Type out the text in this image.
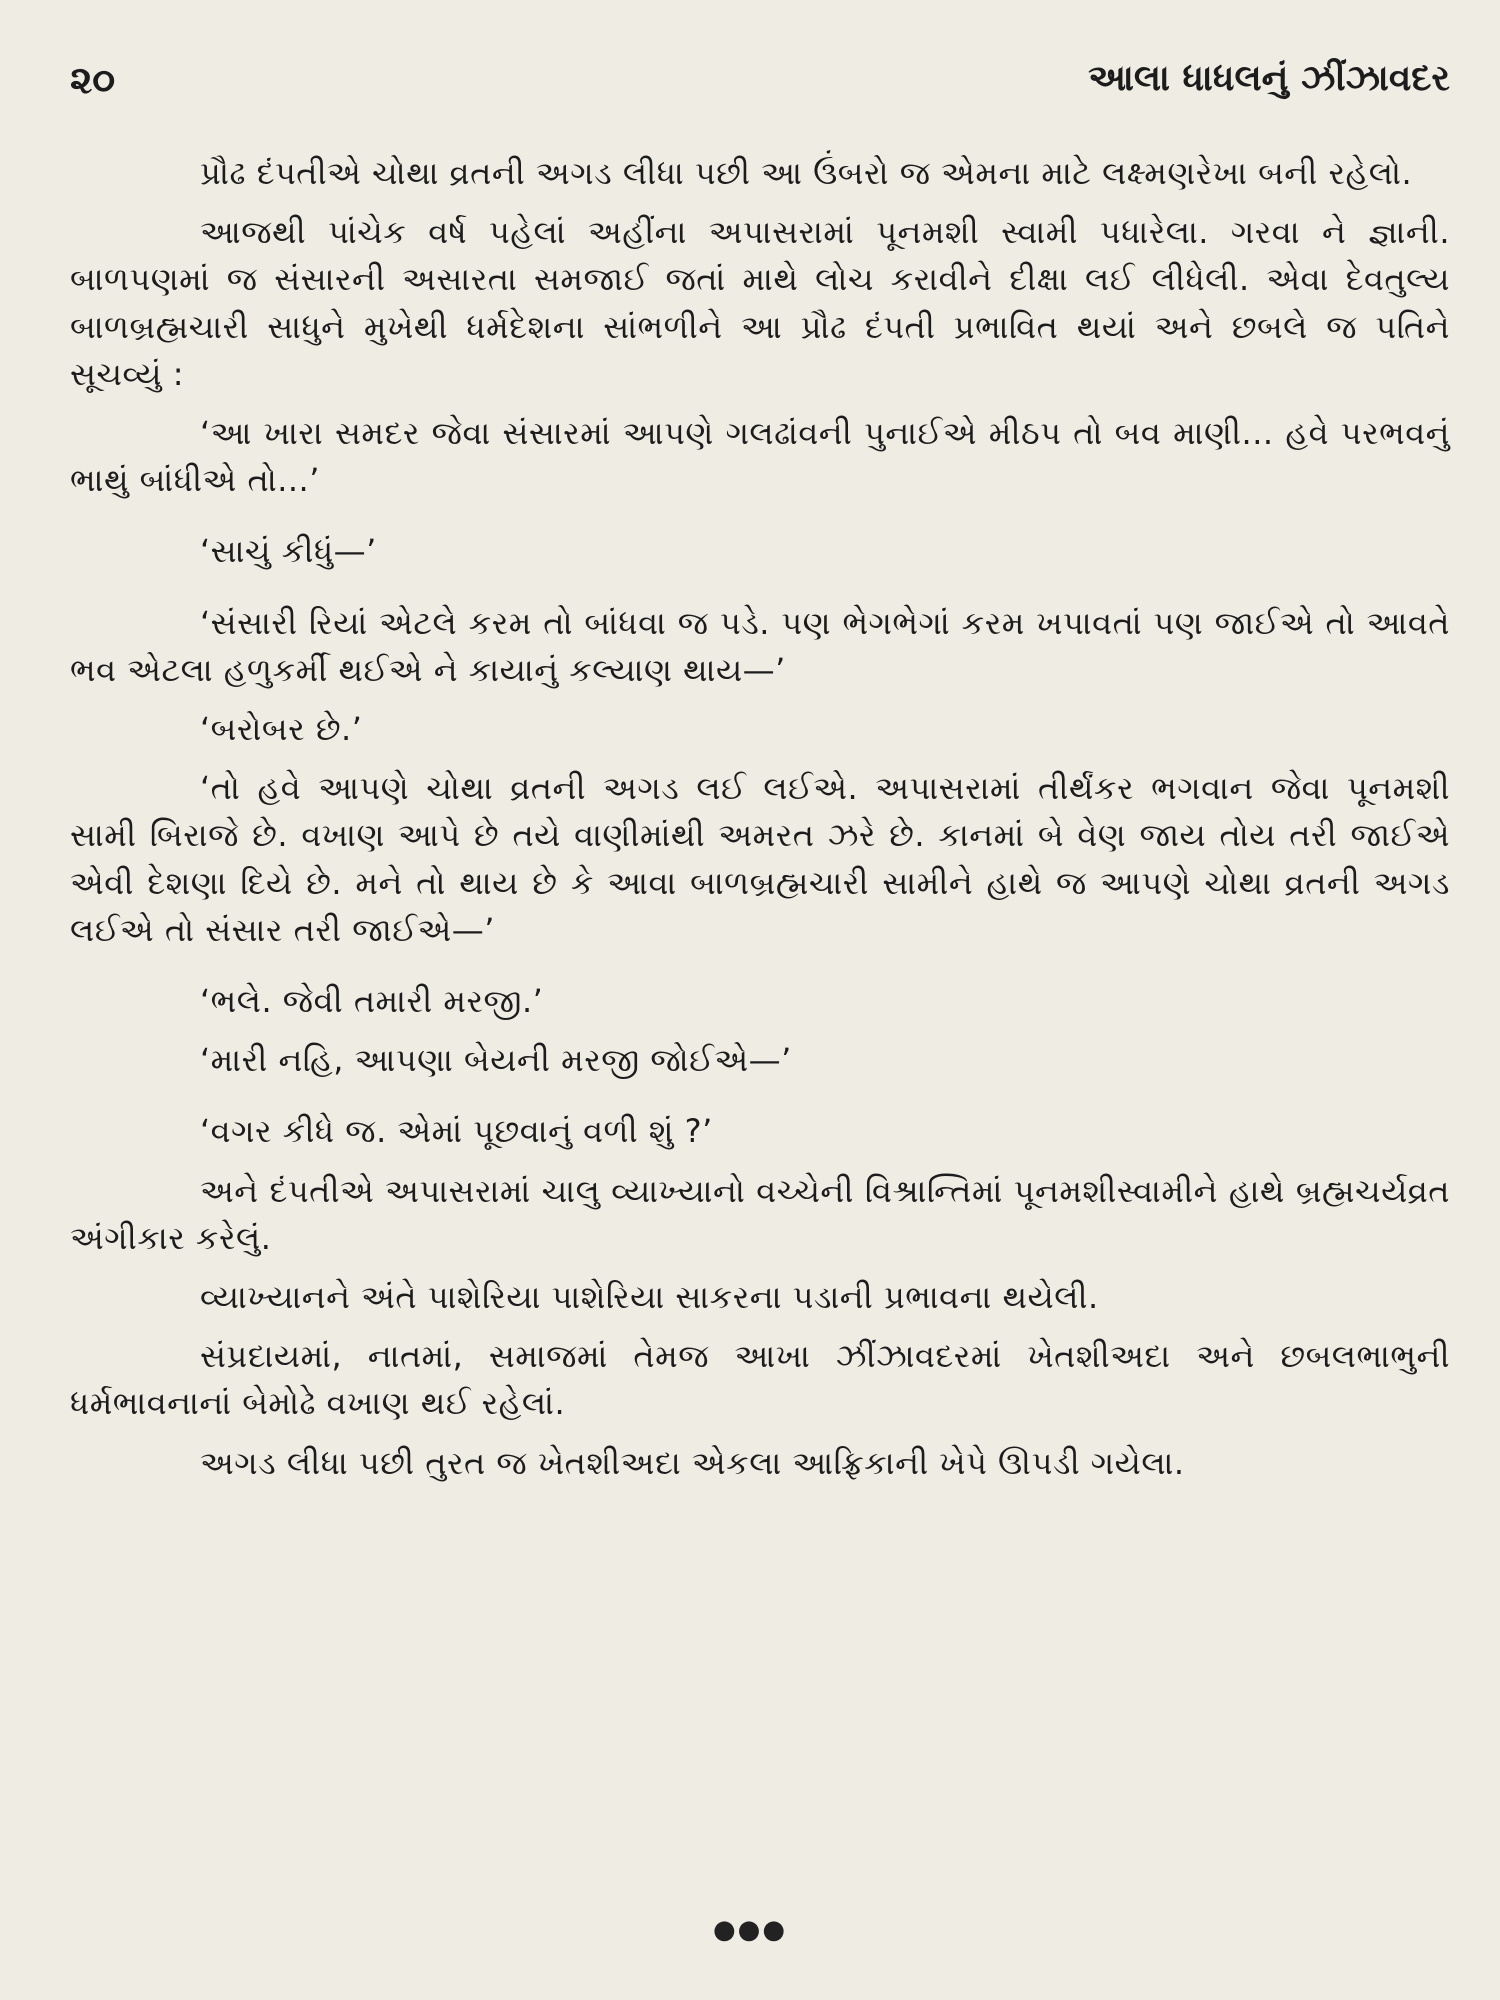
૨૦	આલા ધાધલનું ઝીંઝાવદર

પ્રૌઢ દંપતીએ ચોથા વ્રતની અગડ લીધા પછી આ ઉંબરો જ એમના માટે લક્ષ્મણરેખા બની રહેલો.

આજથી પાંચેક વર્ષ પહેલાં અહીંના અપાસરામાં પૂનમશી સ્વામી પધારેલા. ગરવા ને જ્ઞાની. બાળપણમાં જ સંસારની અસારતા સમજાઈ જતાં માથે લોચ કરાવીને દીક્ષા લઈ લીધેલી. એવા દેવતુલ્ય બાળબ્રહ્મચારી સાધુને મુખેથી ધર્મદેશના સાંભળીને આ પ્રૌઢ દંપતી પ્રભાવિત થયાં અને છબલે જ પતિને સૂચવ્યું :

‘આ ખારા સમદર જેવા સંસારમાં આપણે ગલઢાંવની પુનાઈએ મીઠપ તો બવ માણી... હવે પરભવનું ભાથું બાંધીએ તો...’

‘સાચું કીધું—’

‘સંસારી રિયાં એટલે કરમ તો બાંધવા જ પડે. પણ ભેગભેગાં કરમ ખપાવતાં પણ જાઈએ તો આવતે ભવ એટલા હળુકર્મી થઈએ ને કાયાનું કલ્યાણ થાય—’

‘બરોબર છે.’

‘તો હવે આપણે ચોથા વ્રતની અગડ લઈ લઈએ. અપાસરામાં તીર્થંકર ભગવાન જેવા પૂનમશી સામી બિરાજે છે. વખાણ આપે છે તયે વાણીમાંથી અમરત ઝરે છે. કાનમાં બે વેણ જાય તોય તરી જાઈએ એવી દેશણા દિયે છે. મને તો થાય છે કે આવા બાળબ્રહ્મચારી સામીને હાથે જ આપણે ચોથા વ્રતની અગડ લઈએ તો સંસાર તરી જાઈએ—’

‘ભલે. જેવી તમારી મરજી.’

‘મારી નહિ, આપણા બેયની મરજી જોઈએ—’

‘વગર કીધે જ. એમાં પૂછવાનું વળી શું ?’

અને દંપતીએ અપાસરામાં ચાલુ વ્યાખ્યાનો વચ્ચેની વિશ્રાન્તિમાં પૂનમશીસ્વામીને હાથે બ્રહ્મચર્યવ્રત અંગીકાર કરેલું.

વ્યાખ્યાનને અંતે પાશેરિયા પાશેરિયા સાકરના પડાની પ્રભાવના થયેલી.

સંપ્રદાયમાં, નાતમાં, સમાજમાં તેમજ આખા ઝીંઝાવદરમાં ખેતશીઅદા અને છબલભાભુની ધર્મભાવનાનાં બેમોઢે વખાણ થઈ રહેલાં.

અગડ લીધા પછી તુરત જ ખેતશીઅદા એકલા આફ્રિકાની ખેપે ઊપડી ગયેલા.

●●●
